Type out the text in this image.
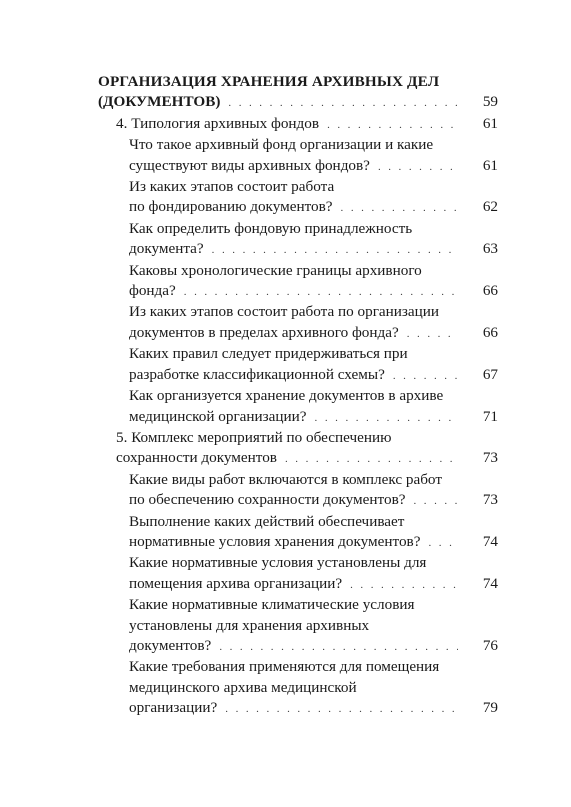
ОРГАНИЗАЦИЯ ХРАНЕНИЯ АРХИВНЫХ ДЕЛ
(ДОКУМЕНТОВ) . . .	59
4. Типология архивных фондов . . .	61
Что такое архивный фонд организации и какие
существуют виды архивных фондов? . . .	61
Из каких этапов состоит работа
по фондированию документов? . . .	62
Как определить фондовую принадлежность
документа? . . .	63
Каковы хронологические границы архивного
фонда? . . .	66
Из каких этапов состоит работа по организации
документов в пределах архивного фонда? . . .	66
Каких правил следует придерживаться при
разработке классификационной схемы? . . .	67
Как организуется хранение документов в архиве
медицинской организации? . . .	71
5. Комплекс мероприятий по обеспечению
сохранности документов . . .	73
Какие виды работ включаются в комплекс работ
по обеспечению сохранности документов? . . .	73
Выполнение каких действий обеспечивает
нормативные условия хранения документов? . . .	74
Какие нормативные условия установлены для
помещения архива организации? . . .	74
Какие нормативные климатические условия
установлены для хранения архивных
документов? . . .	76
Какие требования применяются для помещения
медицинского архива медицинской
организации? . . .	79
